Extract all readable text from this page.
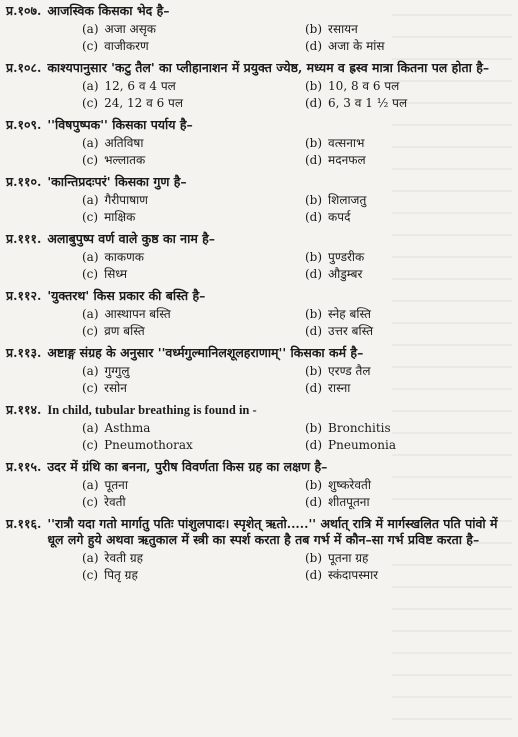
प्र.१०७. आजस्विक किसका भेद है–
(a) अजा असृक	(b) रसायन
(c) वाजीकरण	(d) अजा के मांस
प्र.१०८. काश्यपानुसार 'कटु तैल' का प्लीहानाशन में प्रयुक्त ज्येष्ठ, मध्यम व ह्रस्व मात्रा कितना पल होता है–
(a) 12, 6 व 4 पल	(b) 10, 8 व 6 पल
(c) 24, 12 व 6 पल	(d) 6, 3 व 1 ½ पल
प्र.१०९. ''विषपुष्पक'' किसका पर्याय है–
(a) अतिविषा	(b) वत्सनाभ
(c) भल्लातक	(d) मदनफल
प्र.११०. 'कान्तिप्रदःपरं' किसका गुण है–
(a) गैरीपाषाण	(b) शिलाजतु
(c) माक्षिक	(d) कपर्द
प्र.१११. अलाबुपुष्प वर्ण वाले कुष्ठ का नाम है–
(a) काकणक	(b) पुण्डरीक
(c) सिध्म	(d) औडुम्बर
प्र.११२. 'युक्तरथ' किस प्रकार की बस्ति है–
(a) आस्थापन बस्ति	(b) स्नेह बस्ति
(c) व्रण बस्ति	(d) उत्तर बस्ति
प्र.११३. अष्टाङ्ग संग्रह के अनुसार ''वर्ध्मगुल्मानिलशूलहराणाम्'' किसका कर्म है–
(a) गुग्गुलु	(b) एरण्ड तैल
(c) रसोन	(d) रास्ना
प्र.११४. In child, tubular breathing is found in -
(a) Asthma	(b) Bronchitis
(c) Pneumothorax	(d) Pneumonia
प्र.११५. उदर में ग्रंथि का बनना, पुरीष विवर्णता किस ग्रह का लक्षण है–
(a) पूतना	(b) शुष्करेवती
(c) रेवती	(d) शीतपूतना
प्र.११६. ''रात्रौ यदा गतो मार्गातु पतिः पांशुलपादः। स्पृशेत् ऋतो.....'' अर्थात् रात्रि में मार्गस्खलित पति पांवो में धूल लगे हुये अथवा ऋतुकाल में स्त्री का स्पर्श करता है तब गर्भ में कौन–सा गर्भ प्रविष्ट करता है–
(a) रेवती ग्रह	(b) पूतना ग्रह
(c) पितृ ग्रह	(d) स्कंदापस्मार
